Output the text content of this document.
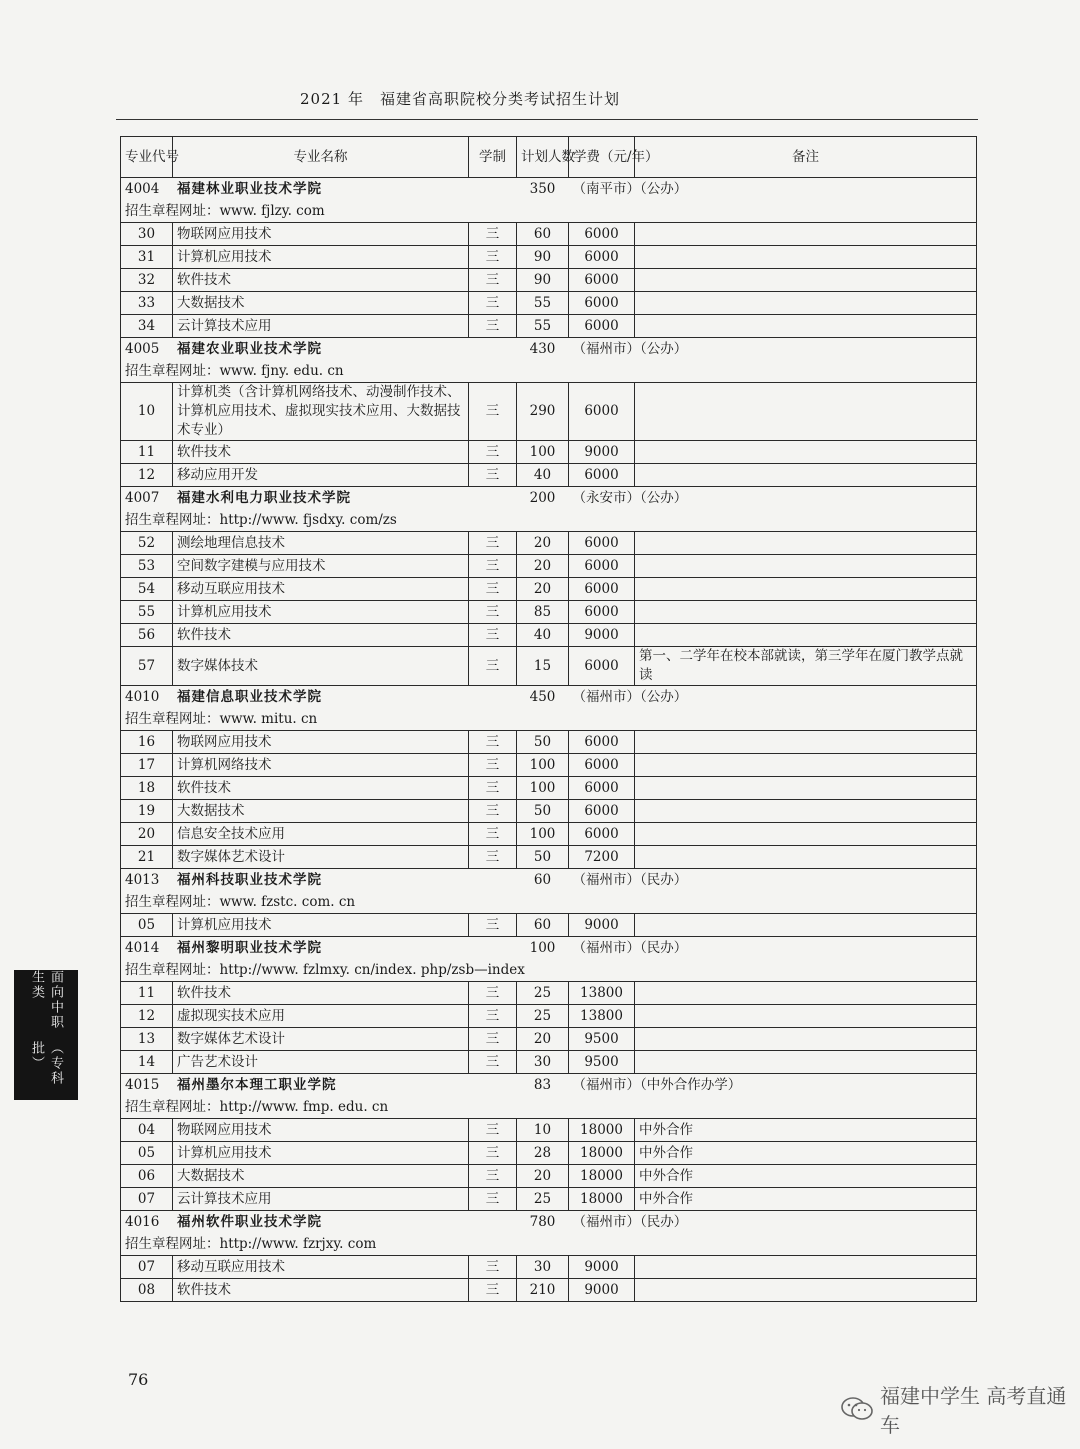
2021 年　福建省高职院校分类考试招生计划
专业代号	专业名称	学制	计划人数	学费（元/年）	备注
4004 福建林业职业技术学院			350	（南平市）（公办）	
招生章程网址：www. fjlzy. com					
30	物联网应用技术	三	60	6000	
31	计算机应用技术	三	90	6000	
32	软件技术	三	90	6000	
33	大数据技术	三	55	6000	
34	云计算技术应用	三	55	6000	
4005 福建农业职业技术学院			430	（福州市）（公办）	
招生章程网址：www. fjny. edu. cn					
10	计算机类（含计算机网络技术、动漫制作技术、计算机应用技术、虚拟现实技术应用、大数据技术专业）	三	290	6000	
11	软件技术	三	100	9000	
12	移动应用开发	三	40	6000	
4007 福建水利电力职业技术学院			200	（永安市）（公办）	
招生章程网址：http://www. fjsdxy. com/zs					
52	测绘地理信息技术	三	20	6000	
53	空间数字建模与应用技术	三	20	6000	
54	移动互联应用技术	三	20	6000	
55	计算机应用技术	三	85	6000	
56	软件技术	三	40	9000	
57	数字媒体技术	三	15	6000	第一、二学年在校本部就读，第三学年在厦门教学点就读
4010 福建信息职业技术学院			450	（福州市）（公办）	
招生章程网址：www. mitu. cn					
16	物联网应用技术	三	50	6000	
17	计算机网络技术	三	100	6000	
18	软件技术	三	100	6000	
19	大数据技术	三	50	6000	
20	信息安全技术应用	三	100	6000	
21	数字媒体艺术设计	三	50	7200	
4013 福州科技职业技术学院			60	（福州市）（民办）	
招生章程网址：www. fzstc. com. cn					
05	计算机应用技术	三	60	9000	
4014 福州黎明职业技术学院			100	（福州市）（民办）	
招生章程网址：http://www. fzlmxy. cn/index. php/zsb—index					
11	软件技术	三	25	13800	
12	虚拟现实技术应用	三	25	13800	
13	数字媒体艺术设计	三	20	9500	
14	广告艺术设计	三	30	9500	
4015 福州墨尔本理工职业学院			83	（福州市）（中外合作办学）	
招生章程网址：http://www. fmp. edu. cn					
04	物联网应用技术	三	10	18000	中外合作
05	计算机应用技术	三	28	18000	中外合作
06	大数据技术	三	20	18000	中外合作
07	云计算技术应用	三	25	18000	中外合作
4016 福州软件职业技术学院			780	（福州市）（民办）	
招生章程网址：http://www. fzrjxy. com					
07	移动互联应用技术	三	30	9000	
08	软件技术	三	210	9000	
面向中职生类
（专科批）
76
福建中学生 高考直通车
